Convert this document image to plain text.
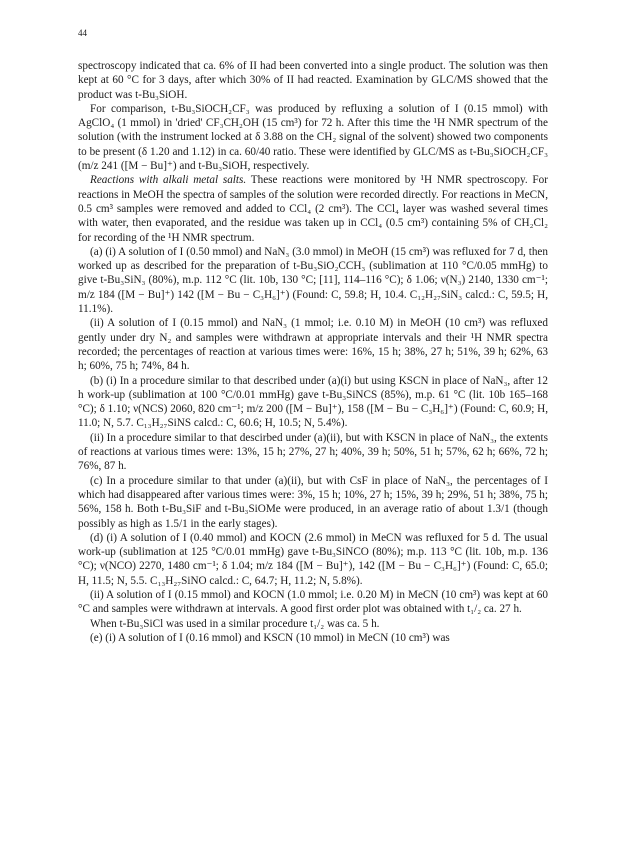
44

spectroscopy indicated that ca. 6% of II had been converted into a single product. The solution was then kept at 60 °C for 3 days, after which 30% of II had reacted. Examination by GLC/MS showed that the product was t-Bu₃SiOH.

For comparison, t-Bu₃SiOCH₂CF₃ was produced by refluxing a solution of I (0.15 mmol) with AgClO₄ (1 mmol) in 'dried' CF₃CH₂OH (15 cm³) for 72 h. After this time the ¹H NMR spectrum of the solution (with the instrument locked at δ 3.88 on the CH₂ signal of the solvent) showed two components to be present (δ 1.20 and 1.12) in ca. 60/40 ratio. These were identified by GLC/MS as t-Bu₃SiOCH₂CF₃ (m/z 241 ([M − Bu]⁺) and t-Bu₃SiOH, respectively.

Reactions with alkali metal salts. These reactions were monitored by ¹H NMR spectroscopy. For reactions in MeOH the spectra of samples of the solution were recorded directly. For reactions in MeCN, 0.5 cm³ samples were removed and added to CCl₄ (2 cm³). The CCl₄ layer was washed several times with water, then evaporated, and the residue was taken up in CCl₄ (0.5 cm³) containing 5% of CH₂Cl₂ for recording of the ¹H NMR spectrum.

(a) (i) A solution of I (0.50 mmol) and NaN₃ (3.0 mmol) in MeOH (15 cm³) was refluxed for 7 d, then worked up as described for the preparation of t-Bu₃SiO₂CCH₃ (sublimation at 110 °C/0.05 mmHg) to give t-Bu₃SiN₃ (80%), m.p. 112 °C (lit. 10b, 130 °C; [11], 114–116 °C); δ 1.06; ν(N₃) 2140, 1330 cm⁻¹; m/z 184 ([M − Bu]⁺) 142 ([M − Bu − C₃H₆]⁺) (Found: C, 59.8; H, 10.4. C₁₂H₂₇SiN₃ calcd.: C, 59.5; H, 11.1%).

(ii) A solution of I (0.15 mmol) and NaN₃ (1 mmol; i.e. 0.10 M) in MeOH (10 cm³) was refluxed gently under dry N₂ and samples were withdrawn at appropriate intervals and their ¹H NMR spectra recorded; the percentages of reaction at various times were: 16%, 15 h; 38%, 27 h; 51%, 39 h; 62%, 63 h; 60%, 75 h; 74%, 84 h.

(b) (i) In a procedure similar to that described under (a)(i) but using KSCN in place of NaN₃, after 12 h work-up (sublimation at 100 °C/0.01 mmHg) gave t-Bu₃SiNCS (85%), m.p. 61 °C (lit. 10b 165–168 °C); δ 1.10; ν(NCS) 2060, 820 cm⁻¹; m/z 200 ([M − Bu]⁺), 158 ([M − Bu − C₃H₆]⁺) (Found: C, 60.9; H, 11.0; N, 5.7. C₁₃H₂₇SiNS calcd.: C, 60.6; H, 10.5; N, 5.4%).

(ii) In a procedure similar to that descirbed under (a)(ii), but with KSCN in place of NaN₃, the extents of reactions at various times were: 13%, 15 h; 27%, 27 h; 40%, 39 h; 50%, 51 h; 57%, 62 h; 66%, 72 h; 76%, 87 h.

(c) In a procedure similar to that under (a)(ii), but with CsF in place of NaN₃, the percentages of I which had disappeared after various times were: 3%, 15 h; 10%, 27 h; 15%, 39 h; 29%, 51 h; 38%, 75 h; 56%, 158 h. Both t-Bu₃SiF and t-Bu₃SiOMe were produced, in an average ratio of about 1.3/1 (though possibly as high as 1.5/1 in the early stages).

(d) (i) A solution of I (0.40 mmol) and KOCN (2.6 mmol) in MeCN was refluxed for 5 d. The usual work-up (sublimation at 125 °C/0.01 mmHg) gave t-Bu₃SiNCO (80%); m.p. 113 °C (lit. 10b, m.p. 136 °C); ν(NCO) 2270, 1480 cm⁻¹; δ 1.04; m/z 184 ([M − Bu]⁺), 142 ([M − Bu − C₃H₆]⁺) (Found: C, 65.0; H, 11.5; N, 5.5. C₁₃H₂₇SiNO calcd.: C, 64.7; H, 11.2; N, 5.8%).

(ii) A solution of I (0.15 mmol) and KOCN (1.0 mmol; i.e. 0.20 M) in MeCN (10 cm³) was kept at 60 °C and samples were withdrawn at intervals. A good first order plot was obtained with t₁/₂ ca. 27 h.

When t-Bu₃SiCl was used in a similar procedure t₁/₂ was ca. 5 h.

(e) (i) A solution of I (0.16 mmol) and KSCN (10 mmol) in MeCN (10 cm³) was
